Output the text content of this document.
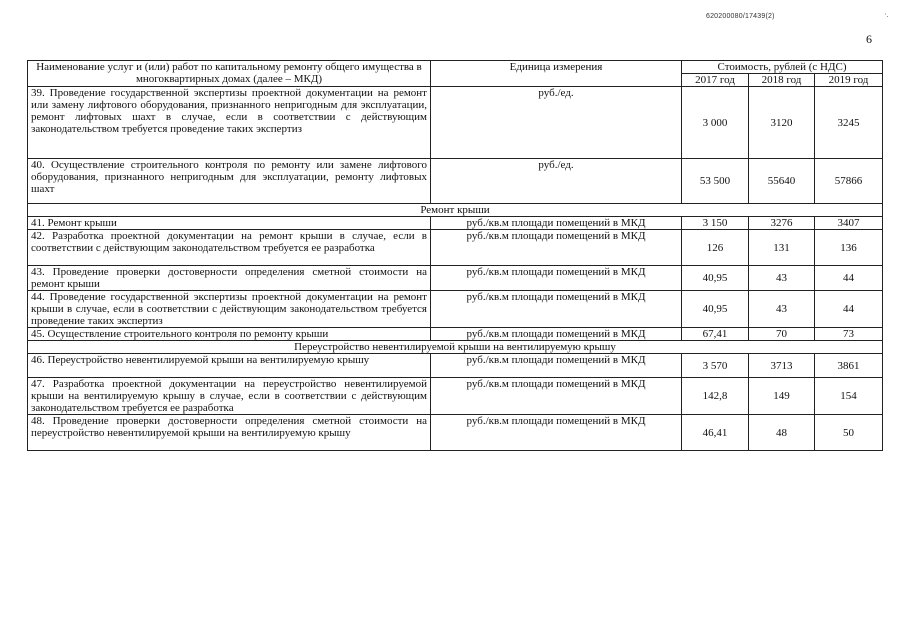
620200080/17439(2)	·.
6
Наименование услуг и (или) работ по капитальному ремонту общего имущества в многоквартирных домах (далее – МКД)	Единица измерения	Стоимость, рублей (с НДС)		
		2017 год	2018 год	2019 год
39. Проведение государственной экспертизы проектной документации на ремонт или замену лифтового оборудования, признанного непригодным для эксплуатации, ремонт лифтовых шахт в случае, если в соответствии с действующим законодательством требуется проведение таких экспертиз	руб./ед.	3 000	3120	3245
40. Осуществление строительного контроля по ремонту или замене лифтового оборудования, признанного непригодным для эксплуатации, ремонту лифтовых шахт	руб./ед.	53 500	55640	57866
Ремонт крыши				
41. Ремонт крыши	руб./кв.м площади помещений в МКД	3 150	3276	3407
42. Разработка проектной документации на ремонт крыши в случае, если в соответствии с действующим законодательством требуется ее разработка	руб./кв.м площади помещений в МКД	126	131	136
43. Проведение проверки достоверности определения сметной стоимости на ремонт крыши	руб./кв.м площади помещений в МКД	40,95	43	44
44. Проведение государственной экспертизы проектной документации на ремонт крыши в случае, если в соответствии с действующим законодательством требуется проведение таких экспертиз	руб./кв.м площади помещений в МКД	40,95	43	44
45. Осуществление строительного контроля по ремонту крыши	руб./кв.м площади помещений в МКД	67,41	70	73
Переустройство невентилируемой крыши на вентилируемую крышу				
46. Переустройство невентилируемой крыши на вентилируемую крышу	руб./кв.м площади помещений в МКД	3 570	3713	3861
47. Разработка проектной документации на переустройство невентилируемой крыши на вентилируемую крышу в случае, если в соответствии с действующим законодательством требуется ее разработка	руб./кв.м площади помещений в МКД	142,8	149	154
48. Проведение проверки достоверности определения сметной стоимости на переустройство невентилируемой крыши на вентилируемую крышу	руб./кв.м площади помещений в МКД	46,41	48	50
